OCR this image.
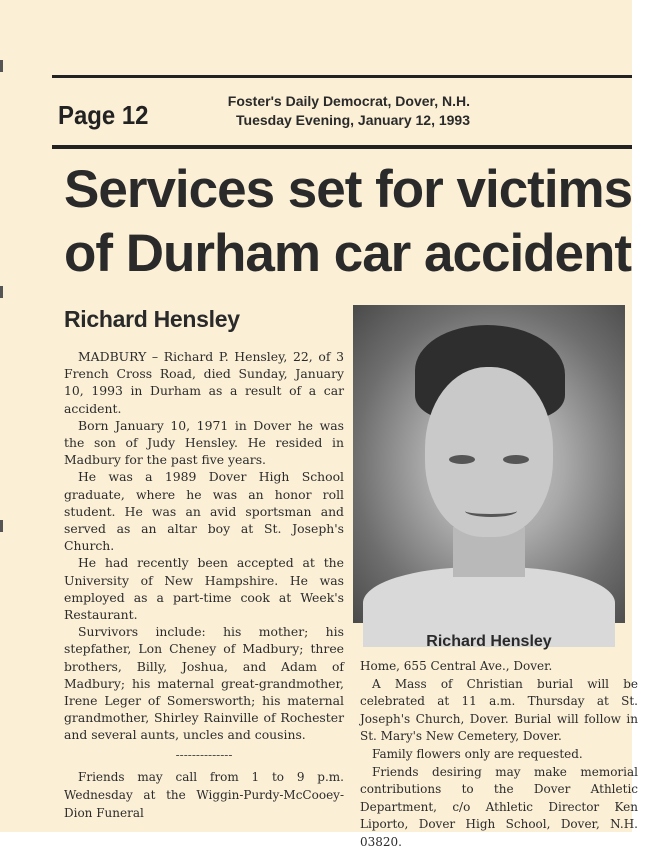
Page 12	Foster's Daily Democrat, Dover, N.H.
Tuesday Evening, January 12, 1993
Services set for victims
of Durham car accident
Richard Hensley

MADBURY – Richard P. Hensley, 22, of 3 French Cross Road, died Sunday, January 10, 1993 in Durham as a result of a car accident.

Born January 10, 1971 in Dover he was the son of Judy Hensley. He resided in Madbury for the past five years.

He was a 1989 Dover High School graduate, where he was an honor roll student. He was an avid sportsman and served as an altar boy at St. Joseph's Church.

He had recently been accepted at the University of New Hampshire. He was employed as a part-time cook at Week's Restaurant.

Survivors include: his mother; his stepfather, Lon Cheney of Madbury; three brothers, Billy, Joshua, and Adam of Madbury; his maternal great-grandmother, Irene Leger of Somersworth; his maternal grandmother, Shirley Rainville of Rochester and several aunts, uncles and cousins.

--------------

Friends may call from 1 to 9 p.m. Wednesday at the Wiggin-Purdy-McCooey-Dion Funeral

Richard Hensley

Home, 655 Central Ave., Dover.

A Mass of Christian burial will be celebrated at 11 a.m. Thursday at St. Joseph's Church, Dover. Burial will follow in St. Mary's New Cemetery, Dover.

Family flowers only are requested.

Friends desiring may make memorial contributions to the Dover Athletic Department, c/o Athletic Director Ken Liporto, Dover High School, Dover, N.H. 03820.
